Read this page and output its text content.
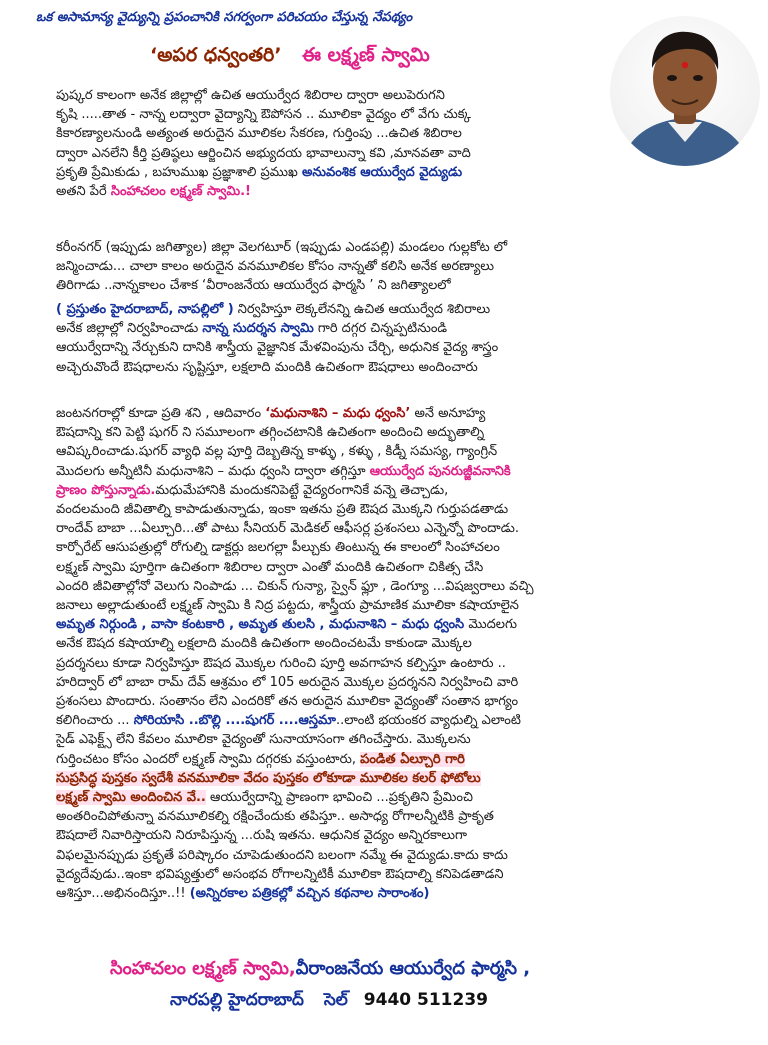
ఒక అసామాన్య వైద్యున్ని ప్రపంచానికి సగర్వంగా పరిచయం చేస్తున్న నేపథ్యం
‘అపర ధన్వంతరి’ ఈ లక్ష్మణ్ స్వామి
పుష్కర కాలంగా అనేక జిల్లాల్లో ఉచిత ఆయుర్వేద శిబిరాల ద్వారా అలుపెరుగని
కృషి .....తాత - నాన్న లద్వారా వైద్యాన్ని ఔపోసన .. మూలికా వైద్యం లో వేగు చుక్క
కికారణ్యాలనుండి అత్యంత అరుదైన మూలికల సేకరణ, గుర్తింపు ...ఉచిత శిబిరాల
ద్వారా ఎనలేని కీర్తి ప్రతిష్ఠలు ఆర్జించిన అభ్యుదయ భావాలున్నా కవి ,మానవతా వాది
ప్రకృతి ప్రేమికుడు , బహుముఖ ప్రజ్ఞాశాలి ప్రముఖ అనువంశిక ఆయుర్వేద వైద్యుడు
అతని పేరే సింహాచలం లక్ష్మణ్ స్వామి.!
కరీంనగర్ (ఇప్పుడు జగిత్యాల) జిల్లా వెలగటూర్ (ఇప్పుడు ఎండపల్లి) మండలం గుల్లకోట లో
జన్మించాడు... చాలా కాలం అరుదైన వనమూలికల కోసం నాన్నతో కలిసి అనేక అరణ్యాలు
తిరిగాడు ..నాన్నకాలం చేశాక ‘వీరాంజనేయ ఆయుర్వేద ఫార్మసి ’ ని జగిత్యాలలో
( ప్రస్తుతం హైదరాబాద్, నాపల్లిలో ) నిర్వహిస్తూ లెక్కలేనన్ని ఉచిత ఆయుర్వేద శిబిరాలు
అనేక జిల్లాల్లో నిర్వహించాడు నాన్న సుదర్శన స్వామి గారి దగ్గర చిన్నప్పటినుండి
ఆయుర్వేదాన్ని నేర్చుకుని దానికి శాస్త్రీయ వైజ్ఞానిక మేళవింపును చేర్చి, అధునిక వైద్య శాస్త్రం
అచ్చెరువొందే ఔషధాలను సృష్టిస్తూ, లక్షలాది మందికి ఉచితంగా ఔషధాలు అందించారు
జంటనగరాల్లో కూడా ప్రతి శని , ఆదివారం ‘మధునాశిని – మధు ధ్వంసి’ అనే అనూహ్య
ఔషదాన్ని కని పెట్టి షుగర్ ని సమూలంగా తగ్గించటానికి ఉచితంగా అందించి అద్భుతాల్ని
ఆవిష్కరించాడు.షుగర్ వ్యాధి వల్ల పూర్తి దెబ్బతిన్న కాళ్ళు , కళ్ళు , కిడ్నీ సమస్య, గ్యాంగ్రిన్
మొదలగు అన్నీటినీ మధునాశిని – మధు ధ్వంసి ద్వారా తగ్గిస్తూ ఆయుర్వేద పునరుజ్జీవనానికి
ప్రాణం పోస్తున్నాడు.మధుమేహానికి మందుకనిపెట్టే వైద్యరంగానికే వన్నె తెచ్చాడు,
వందలమంది జీవితాల్ని కాపాడుతున్నాడు, ఇంకా ఇతను ప్రతి ఔషద మొక్కని గుర్తుపడతాడు
రాందేవ్ బాబా ...ఏల్చూరి...తో పాటు సీనియర్ మెడికల్ ఆఫీసర్ల ప్రశంసలు ఎన్నెన్నో పొందాడు.
కార్పోరేట్ ఆసుపత్రుల్లో రోగుల్ని డాక్టర్లు జలగల్లా పీల్చుకు తింటున్న ఈ కాలంలో సింహాచలం
లక్ష్మణ్ స్వామి పూర్తిగా ఉచితంగా శిబిరాల ద్వారా ఎంతో మందికి ఉచితంగా చికిత్స చేసి
ఎందరి జీవితాల్లోనో వెలుగు నింపాడు ... చికున్ గున్యా, స్వైన్ ఫ్లూ , డెంగ్యూ ...విషజ్వరాలు వచ్చి
జనాలు అల్లాడుతుంటే లక్ష్మణ్ స్వామి కి నిద్ర పట్టదు, శాస్త్రీయ ప్రామాణిక మూలికా కషాయాలైన
అమృత నిర్గుండి , వాసా కంటకారి , అమృత తులసి , మధునాశిని – మధు ధ్వంసి మొదలగు
అనేక ఔషద కషాయాల్ని లక్షలాది మందికి ఉచితంగా అందించటమే కాకుండా మొక్కల
ప్రదర్శనలు కూడా నిర్వహిస్తూ ఔషద మొక్కల గురించి పూర్తి అవగాహన కల్పిస్తూ ఉంటారు ..
హరిద్వార్ లో బాబా రామ్ దేవ్ ఆశ్రమం లో 105 అరుదైన మొక్కల ప్రదర్శనని నిర్వహించి వారి
ప్రశంసలు పొందారు. సంతానం లేని ఎందరికో తన అరుదైన మూలికా వైద్యంతో సంతాన భాగ్యం
కలిగించారు ... సోరియాసి ..బొల్లి ....షుగర్ ....ఆస్తమా..లాంటి భయంకర వ్యాధుల్ని ఎలాంటి
సైడ్ ఎఫెక్ట్స్ లేని కేవలం మూలికా వైద్యంతో సునాయాసంగా తగించేస్తారు. మొక్కలను
గుర్తించటం కోసం ఎందరో లక్ష్మణ్ స్వామి దగ్గరకు వస్తుంటారు, పండిత ఏల్చూరి గారి
సుప్రసిద్ధ పుస్తకం స్వదేశీ వనమూలికా వేదం పుస్తకం లోకూడా మూలికల కలర్ ఫోటోలు
లక్ష్మణ్ స్వామి అందించిన వే.. ఆయుర్వేదాన్ని ప్రాణంగా భావించి ...ప్రకృతిని ప్రేమించి
అంతరించిపోతున్నా వనమూలికల్ని రక్షించేందుకు తపిస్తూ.. అసాధ్య రోగాలన్నీటికి ప్రాకృత
ఔషదాలే నివారిస్తాయని నిరూపిస్తున్న ...రుషి ఇతను. ఆధునిక వైద్యం అన్నిరకాలుగా
విఫలమైనప్పుడు ప్రకృతే పరిష్కారం చూపెడుతుందని బలంగా నమ్మే ఈ వైద్యుడు.కాదు కాదు
వైద్యదేవుడు..ఇంకా భవిష్యత్తులో అసంభవ రోగాలన్నిటికీ మూలికా ఔషదాల్ని కనిపెడతాడని
ఆశిస్తూ...అభినందిస్తూ..!! (అన్నిరకాల పత్రికల్లో వచ్చిన కథనాల సారాంశం)
సింహాచలం లక్ష్మణ్ స్వామి,వీరాంజనేయ ఆయుర్వేద ఫార్మసి ,
నారపల్లి హైదరాబాద్ సెల్ 9440 511239
